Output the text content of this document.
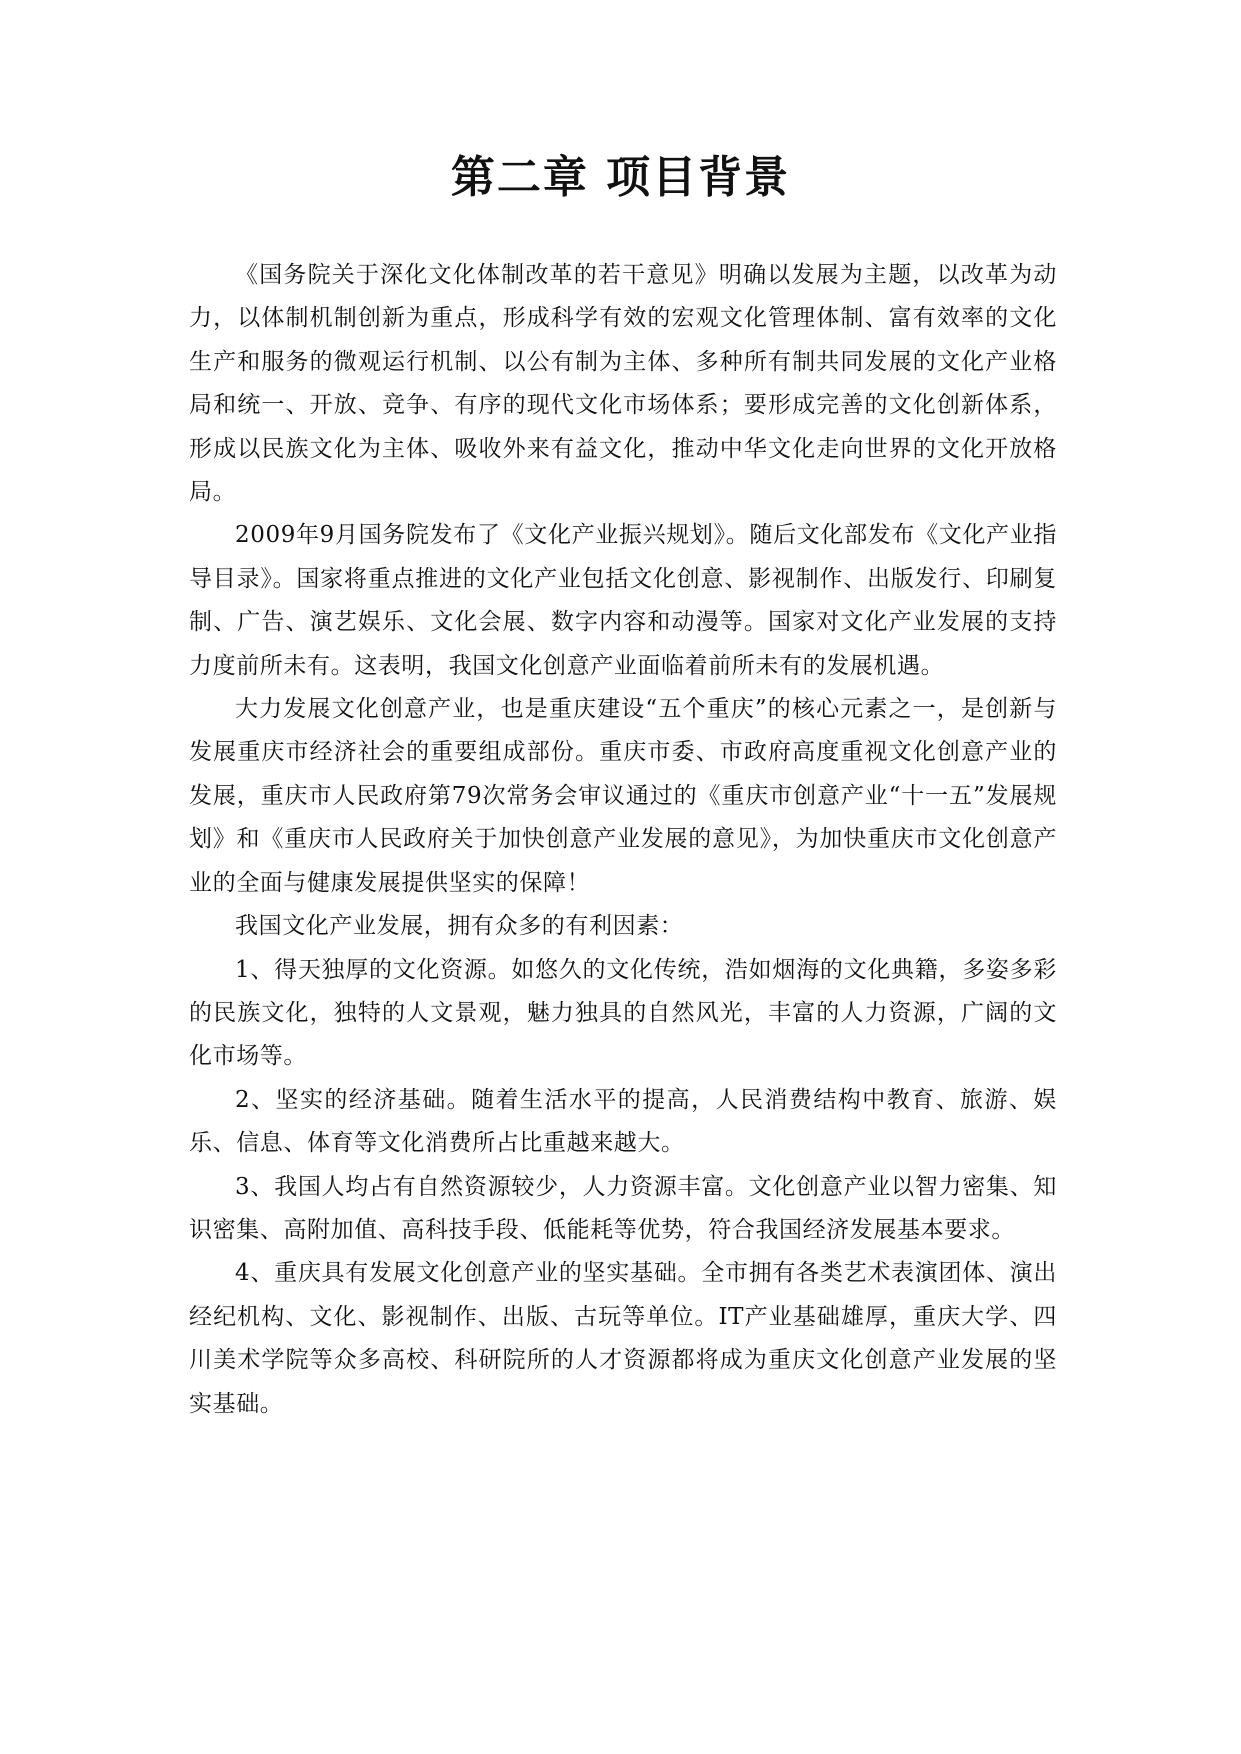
第二章 项目背景

《国务院关于深化文化体制改革的若干意见》明确以发展为主题，以改革为动力，以体制机制创新为重点，形成科学有效的宏观文化管理体制、富有效率的文化生产和服务的微观运行机制、以公有制为主体、多种所有制共同发展的文化产业格局和统一、开放、竞争、有序的现代文化市场体系；要形成完善的文化创新体系，形成以民族文化为主体、吸收外来有益文化，推动中华文化走向世界的文化开放格局。

2009年9月国务院发布了《文化产业振兴规划》。随后文化部发布《文化产业指导目录》。国家将重点推进的文化产业包括文化创意、影视制作、出版发行、印刷复制、广告、演艺娱乐、文化会展、数字内容和动漫等。国家对文化产业发展的支持力度前所未有。这表明，我国文化创意产业面临着前所未有的发展机遇。

大力发展文化创意产业，也是重庆建设“五个重庆”的核心元素之一，是创新与发展重庆市经济社会的重要组成部份。重庆市委、市政府高度重视文化创意产业的发展，重庆市人民政府第79次常务会审议通过的《重庆市创意产业“十一五”发展规划》和《重庆市人民政府关于加快创意产业发展的意见》，为加快重庆市文化创意产业的全面与健康发展提供坚实的保障！

我国文化产业发展，拥有众多的有利因素：

1、得天独厚的文化资源。如悠久的文化传统，浩如烟海的文化典籍，多姿多彩的民族文化，独特的人文景观，魅力独具的自然风光，丰富的人力资源，广阔的文化市场等。

2、坚实的经济基础。随着生活水平的提高，人民消费结构中教育、旅游、娱乐、信息、体育等文化消费所占比重越来越大。

3、我国人均占有自然资源较少，人力资源丰富。文化创意产业以智力密集、知识密集、高附加值、高科技手段、低能耗等优势，符合我国经济发展基本要求。

4、重庆具有发展文化创意产业的坚实基础。全市拥有各类艺术表演团体、演出经纪机构、文化、影视制作、出版、古玩等单位。IT产业基础雄厚，重庆大学、四川美术学院等众多高校、科研院所的人才资源都将成为重庆文化创意产业发展的坚实基础。
